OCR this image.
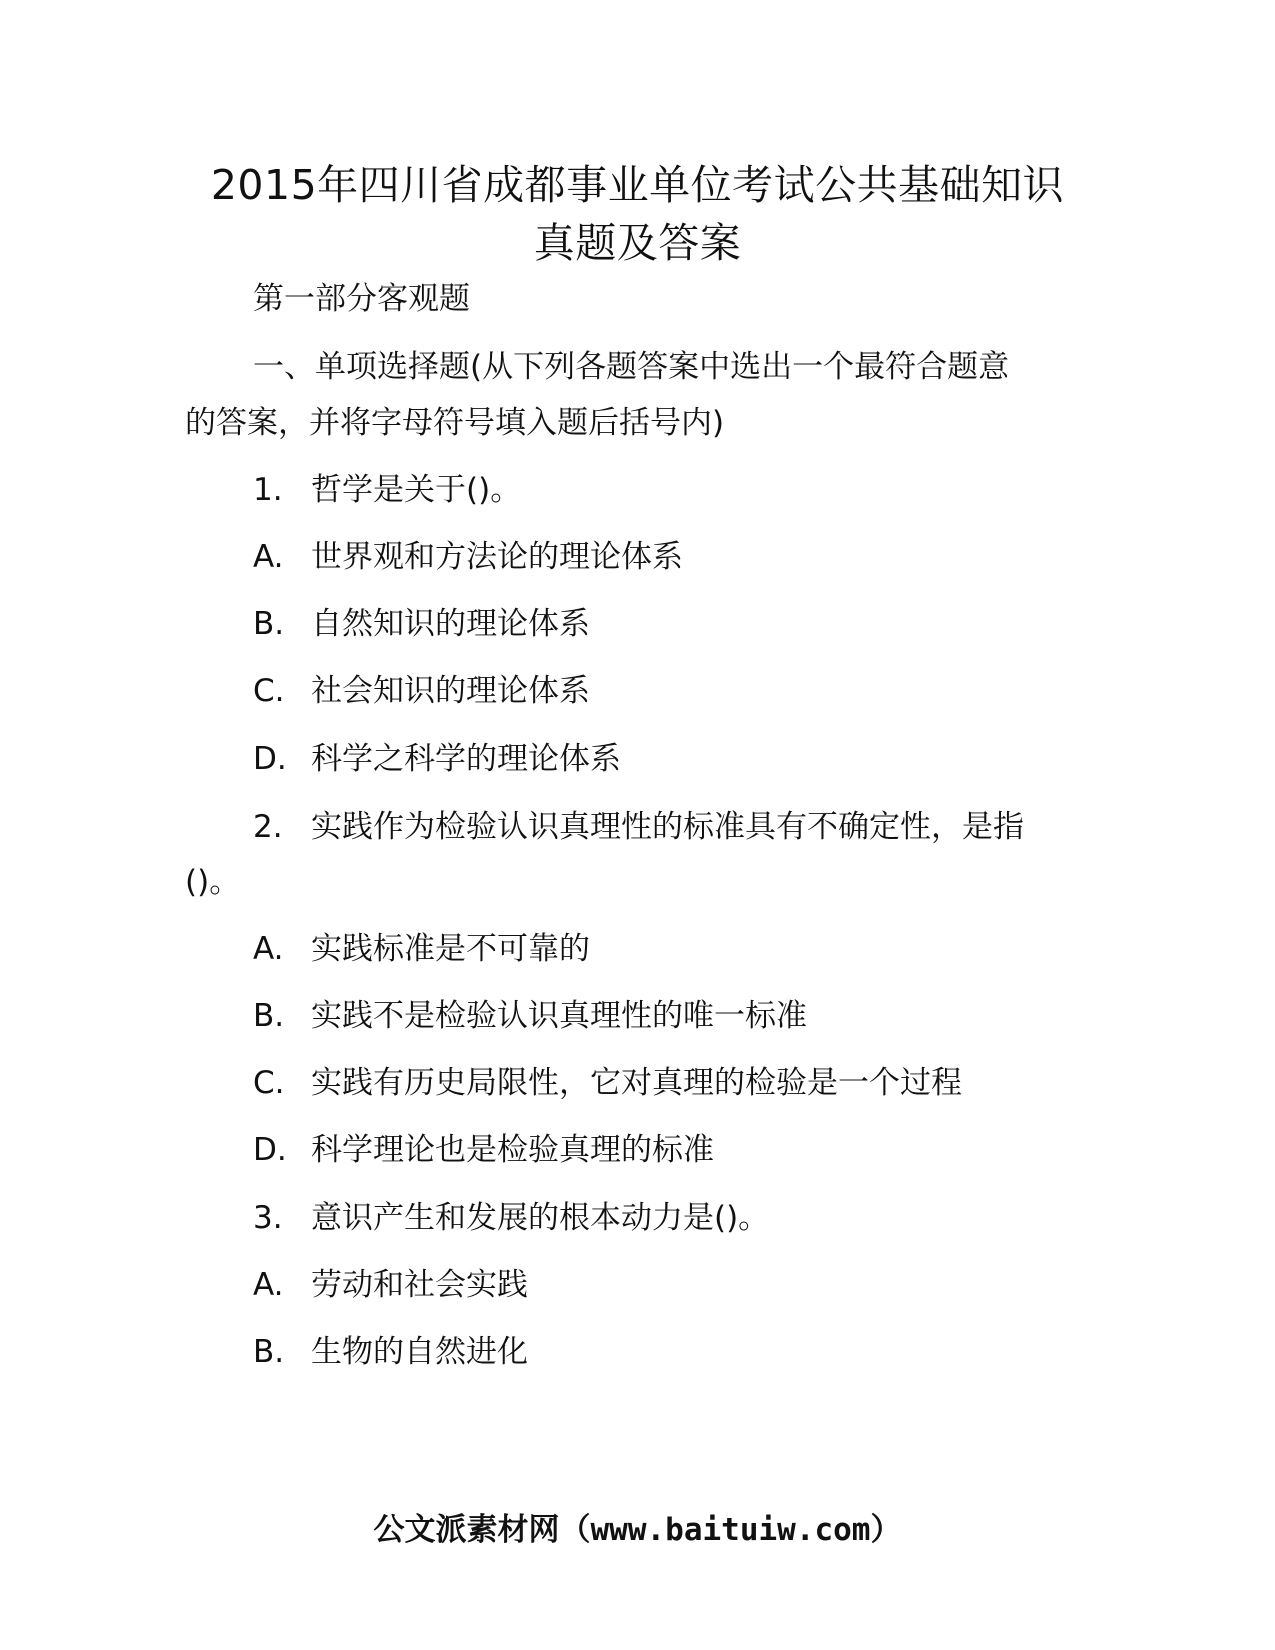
2015年四川省成都事业单位考试公共基础知识
真题及答案
第一部分客观题
一、单项选择题(从下列各题答案中选出一个最符合题意
的答案，并将字母符号填入题后括号内)
1. 哲学是关于()。
A. 世界观和方法论的理论体系
B. 自然知识的理论体系
C. 社会知识的理论体系
D. 科学之科学的理论体系
2. 实践作为检验认识真理性的标准具有不确定性，是指
()。
A. 实践标准是不可靠的
B. 实践不是检验认识真理性的唯一标准
C. 实践有历史局限性，它对真理的检验是一个过程
D. 科学理论也是检验真理的标准
3. 意识产生和发展的根本动力是()。
A. 劳动和社会实践
B. 生物的自然进化
公文派素材网（www.baituiw.com）
